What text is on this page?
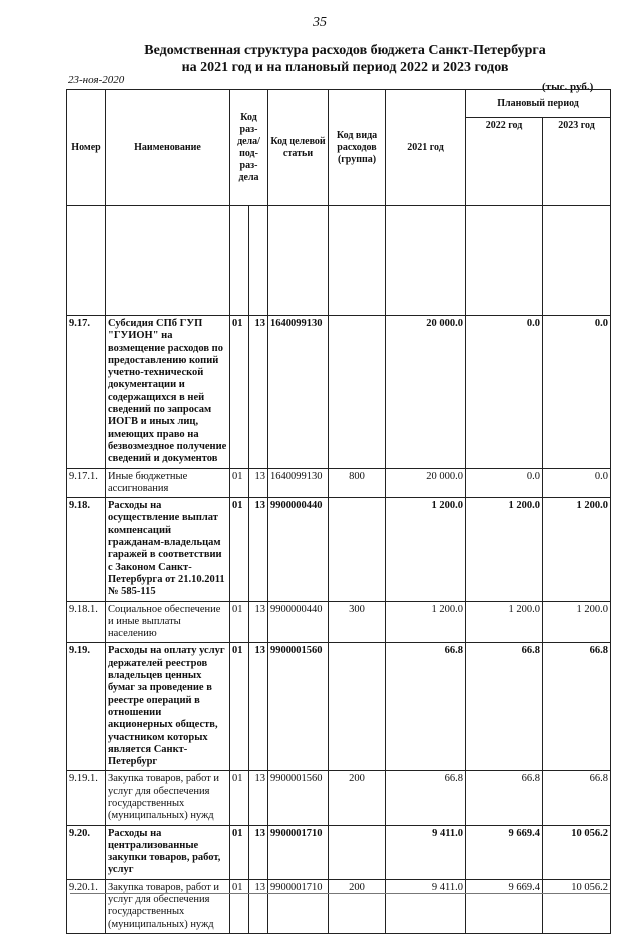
35
Ведомственная структура расходов бюджета Санкт-Петербурга
на 2021 год и на плановый период 2022 и 2023 годов
23-ноя-2020
(тыс. руб.)
Номер	Наименование	Код раз- дела/ под- раз- дела		Код целевой статьи	Код вида расходов (группа)	2021 год	Плановый период	
							2022 год	2023 год

9.17.	Субсидия СПб ГУП "ГУИОН" на возмещение расходов по предоставлению копий учетно-технической документации и содержащихся в ней сведений по запросам ИОГВ и иных лиц, имеющих право на безвозмездное получение сведений и документов	01	13	1640099130		20 000.0	0.0	0.0
9.17.1.	Иные бюджетные ассигнования	01	13	1640099130	800	20 000.0	0.0	0.0
9.18.	Расходы на осуществление выплат компенсаций гражданам-владельцам гаражей в соответствии с Законом Санкт-Петербурга от 21.10.2011 № 585-115	01	13	9900000440		1 200.0	1 200.0	1 200.0
9.18.1.	Социальное обеспечение и иные выплаты населению	01	13	9900000440	300	1 200.0	1 200.0	1 200.0
9.19.	Расходы на оплату услуг держателей реестров владельцев ценных бумаг за проведение в реестре операций в отношении акционерных обществ, участником которых является Санкт-Петербург	01	13	9900001560		66.8	66.8	66.8
9.19.1.	Закупка товаров, работ и услуг для обеспечения государственных (муниципальных) нужд	01	13	9900001560	200	66.8	66.8	66.8
9.20.	Расходы на централизованные закупки товаров, работ, услуг	01	13	9900001710		9 411.0	9 669.4	10 056.2
9.20.1.	Закупка товаров, работ и услуг для обеспечения государственных (муниципальных) нужд	01	13	9900001710	200	9 411.0	9 669.4	10 056.2
